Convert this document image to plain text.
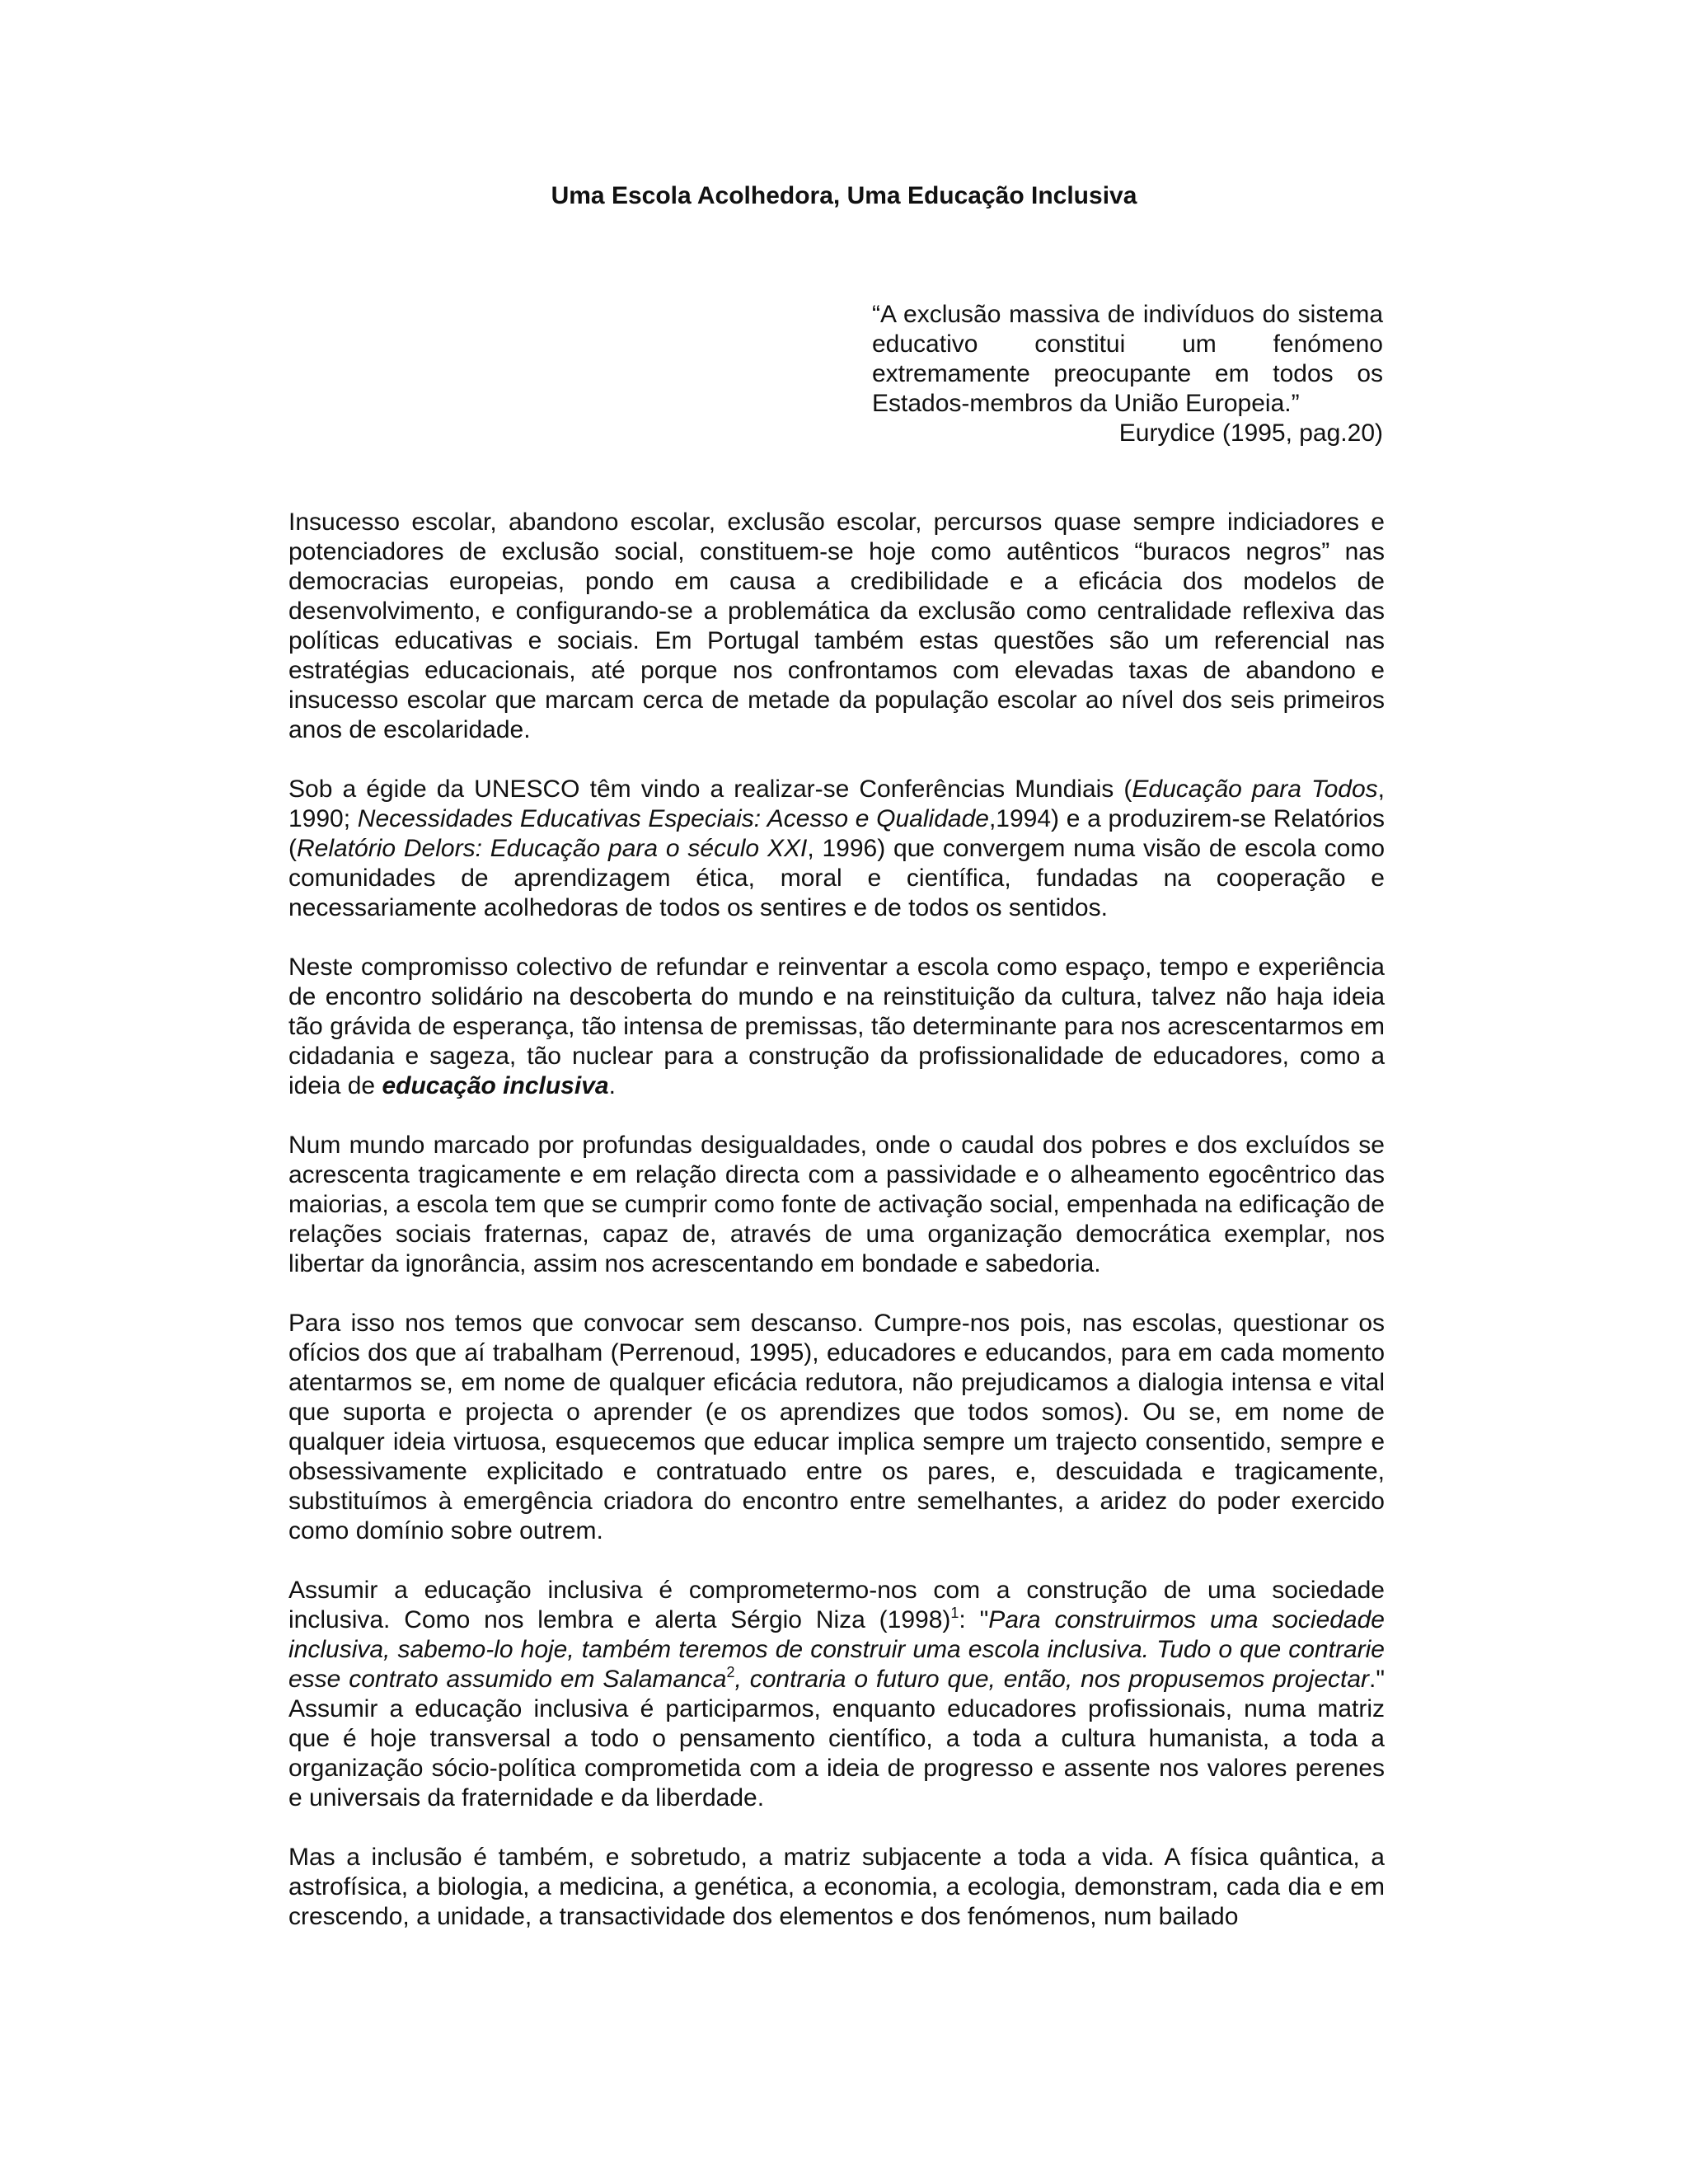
Uma Escola Acolhedora, Uma Educação Inclusiva

“A exclusão massiva de indivíduos do sistema educativo constitui um fenómeno extremamente preocupante em todos os Estados-membros da União Europeia.”

Eurydice (1995, pag.20)

Insucesso escolar, abandono escolar, exclusão escolar, percursos quase sempre indiciadores e potenciadores de exclusão social, constituem-se hoje como autênticos “buracos negros” nas democracias europeias, pondo em causa a credibilidade e a eficácia dos modelos de desenvolvimento, e configurando-se a problemática da exclusão como centralidade reflexiva das políticas educativas e sociais. Em Portugal também estas questões são um referencial nas estratégias educacionais, até porque nos confrontamos com elevadas taxas de abandono e insucesso escolar que marcam cerca de metade da população escolar ao nível dos seis primeiros anos de escolaridade.

Sob a égide da UNESCO têm vindo a realizar-se Conferências Mundiais (Educação para Todos, 1990; Necessidades Educativas Especiais: Acesso e Qualidade,1994) e a produzirem-se Relatórios (Relatório Delors: Educação para o século XXI, 1996) que convergem numa visão de escola como comunidades de aprendizagem ética, moral e científica, fundadas na cooperação e necessariamente acolhedoras de todos os sentires e de todos os sentidos.

Neste compromisso colectivo de refundar e reinventar a escola como espaço, tempo e experiência de encontro solidário na descoberta do mundo e na reinstituição da cultura, talvez não haja ideia tão grávida de esperança, tão intensa de premissas, tão determinante para nos acrescentarmos em cidadania e sageza, tão nuclear para a construção da profissionalidade de educadores, como a ideia de educação inclusiva.

Num mundo marcado por profundas desigualdades, onde o caudal dos pobres e dos excluídos se acrescenta tragicamente e em relação directa com a passividade e o alheamento egocêntrico das maiorias, a escola tem que se cumprir como fonte de activação social, empenhada na edificação de relações sociais fraternas, capaz de, através de uma organização democrática exemplar, nos libertar da ignorância, assim nos acrescentando em bondade e sabedoria.

Para isso nos temos que convocar sem descanso. Cumpre-nos pois, nas escolas, questionar os ofícios dos que aí trabalham (Perrenoud, 1995), educadores e educandos, para em cada momento atentarmos se, em nome de qualquer eficácia redutora, não prejudicamos a dialogia intensa e vital que suporta e projecta o aprender (e os aprendizes que todos somos). Ou se, em nome de qualquer ideia virtuosa, esquecemos que educar implica sempre um trajecto consentido, sempre e obsessivamente explicitado e contratuado entre os pares, e, descuidada e tragicamente, substituímos à emergência criadora do encontro entre semelhantes, a aridez do poder exercido como domínio sobre outrem.

Assumir a educação inclusiva é comprometermo-nos com a construção de uma sociedade inclusiva. Como nos lembra e alerta Sérgio Niza $(1998)^1$: "Para construirmos uma sociedade inclusiva, sabemo-lo hoje, também teremos de construir uma escola inclusiva. Tudo o que contrarie esse contrato assumido em Salamanca$^2$, contraria o futuro que, então, nos propusemos projectar." Assumir a educação inclusiva é participarmos, enquanto educadores profissionais, numa matriz que é hoje transversal a todo o pensamento científico, a toda a cultura humanista, a toda a organização sócio-política comprometida com a ideia de progresso e assente nos valores perenes e universais da fraternidade e da liberdade.

Mas a inclusão é também, e sobretudo, a matriz subjacente a toda a vida. A física quântica, a astrofísica, a biologia, a medicina, a genética, a economia, a ecologia, demonstram, cada dia e em crescendo, a unidade, a transactividade dos elementos e dos fenómenos, num bailado
